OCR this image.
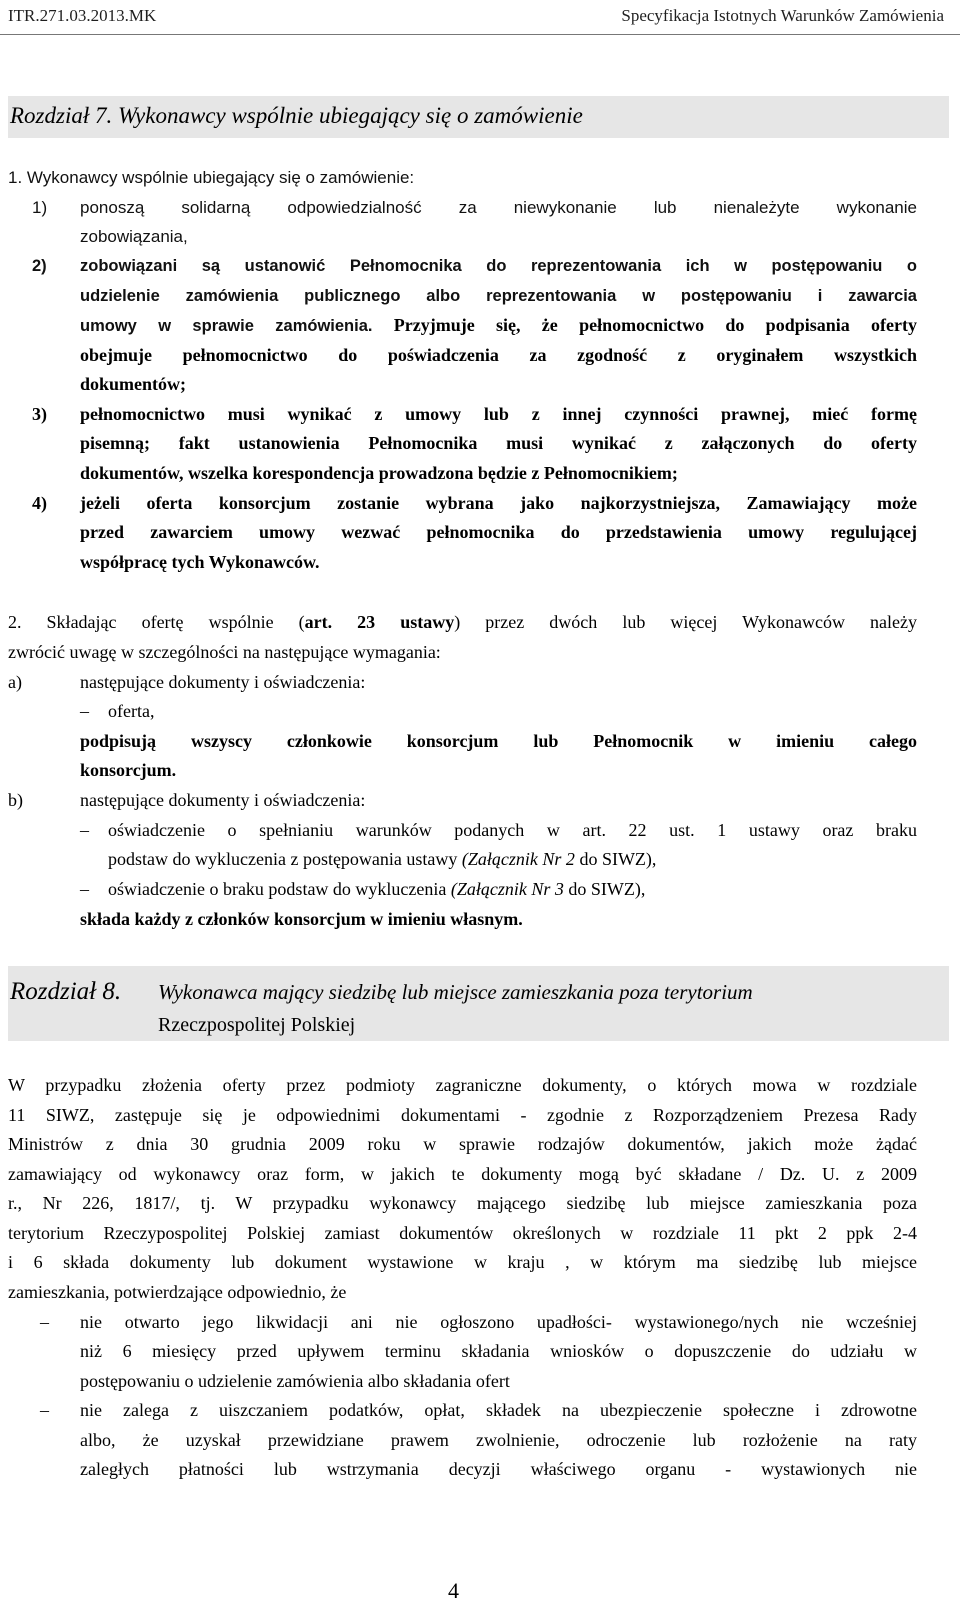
ITR.271.03.2013.MK	Specyfikacja Istotnych Warunków Zamówienia
Rozdział 7. Wykonawcy wspólnie ubiegający się o zamówienie
1. Wykonawcy wspólnie ubiegający się o zamówienie:
1) ponoszą solidarną odpowiedzialność za niewykonanie lub nienależyte wykonanie
zobowiązania,
2) zobowiązani są ustanowić Pełnomocnika do reprezentowania ich w postępowaniu o
udzielenie zamówienia publicznego albo reprezentowania w postępowaniu i zawarcia
umowy w sprawie zamówienia. Przyjmuje się, że pełnomocnictwo do podpisania oferty
obejmuje pełnomocnictwo do poświadczenia za zgodność z oryginałem wszystkich
dokumentów;
3) pełnomocnictwo musi wynikać z umowy lub z innej czynności prawnej, mieć formę
pisemną; fakt ustanowienia Pełnomocnika musi wynikać z załączonych do oferty
dokumentów, wszelka korespondencja prowadzona będzie z Pełnomocnikiem;
4) jeżeli oferta konsorcjum zostanie wybrana jako najkorzystniejsza, Zamawiający może
przed zawarciem umowy wezwać pełnomocnika do przedstawienia umowy regulującej
współpracę tych Wykonawców.
2. Składając ofertę wspólnie (art. 23 ustawy) przez dwóch lub więcej Wykonawców należy
zwrócić uwagę w szczególności na następujące wymagania:
a)	następujące dokumenty i oświadczenia:
– oferta,
podpisują wszyscy członkowie konsorcjum lub Pełnomocnik w imieniu całego
konsorcjum.
b)	następujące dokumenty i oświadczenia:
– oświadczenie o spełnianiu warunków podanych w art. 22 ust. 1 ustawy oraz braku
podstaw do wykluczenia z postępowania ustawy (Załącznik Nr 2 do SIWZ),
– oświadczenie o braku podstaw do wykluczenia (Załącznik Nr 3 do SIWZ),
składa każdy z członków konsorcjum w imieniu własnym.
Rozdział 8. Wykonawca mający siedzibę lub miejsce zamieszkania poza terytorium
Rzeczpospolitej Polskiej
W przypadku złożenia oferty przez podmioty zagraniczne dokumenty, o których mowa w rozdziale
11 SIWZ, zastępuje się je odpowiednimi dokumentami - zgodnie z Rozporządzeniem Prezesa Rady
Ministrów z dnia 30 grudnia 2009 roku w sprawie rodzajów dokumentów, jakich może żądać
zamawiający od wykonawcy oraz form, w jakich te dokumenty mogą być składane / Dz. U. z 2009
r., Nr 226, 1817/, tj. W przypadku wykonawcy mającego siedzibę lub miejsce zamieszkania poza
terytorium Rzeczypospolitej Polskiej zamiast dokumentów określonych w rozdziale 11 pkt 2 ppk 2-4
i 6 składa dokumenty lub dokument wystawione w kraju , w którym ma siedzibę lub miejsce
zamieszkania, potwierdzające odpowiednio, że
– nie otwarto jego likwidacji ani nie ogłoszono upadłości- wystawionego/nych nie wcześniej
niż 6 miesięcy przed upływem terminu składania wniosków o dopuszczenie do udziału w
postępowaniu o udzielenie zamówienia albo składania ofert
– nie zalega z uiszczaniem podatków, opłat, składek na ubezpieczenie społeczne i zdrowotne
albo, że uzyskał przewidziane prawem zwolnienie, odroczenie lub rozłożenie na raty
zaległych płatności lub wstrzymania decyzji właściwego organu - wystawionych nie
4
